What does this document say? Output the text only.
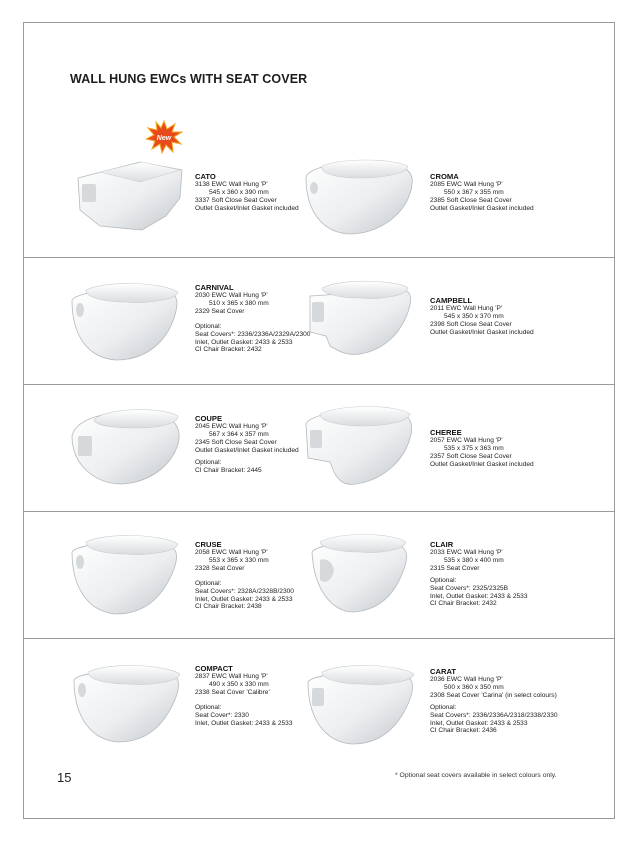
WALL HUNG EWCs WITH SEAT COVER
New
CATO
3138 EWC Wall Hung 'P'
545 x 360 x 390 mm
3337 Soft Close Seat Cover
Outlet Gasket/Inlet Gasket included
CROMA
2085 EWC Wall Hung 'P'
550 x 367 x 355 mm
2385 Soft Close Seat Cover
Outlet Gasket/Inlet Gasket included
CARNIVAL
2030 EWC Wall Hung 'P'
510 x 365 x 380 mm
2329 Seat Cover
Optional:
Seat Covers*: 2336/2336A/2329A/2300
Inlet, Outlet Gasket: 2433 & 2533
CI Chair Bracket: 2432
CAMPBELL
2011 EWC Wall Hung 'P'
545 x 350 x 370 mm
2398 Soft Close Seat Cover
Outlet Gasket/Inlet Gasket included
COUPE
2045 EWC Wall Hung 'P'
567 x 364 x 357 mm
2345 Soft Close Seat Cover
Outlet Gasket/Inlet Gasket included
Optional:
CI Chair Bracket: 2445
CHEREE
2057 EWC Wall Hung 'P'
535 x 375 x 363 mm
2357 Soft Close Seat Cover
Outlet Gasket/Inlet Gasket included
CRUSE
2058 EWC Wall Hung 'P'
553 x 365 x 330 mm
2328 Seat Cover
Optional:
Seat Covers*: 2328A/2328B/2300
Inlet, Outlet Gasket: 2433 & 2533
CI Chair Bracket: 2438
CLAIR
2033 EWC Wall Hung 'P'
535 x 380 x 400 mm
2315 Seat Cover
Optional:
Seat Covers*: 2325/2325B
Inlet, Outlet Gasket: 2433 & 2533
CI Chair Bracket: 2432
COMPACT
2837 EWC Wall Hung 'P'
490 x 350 x 330 mm
2338 Seat Cover 'Calibre'
Optional:
Seat Cover*: 2330
Inlet, Outlet Gasket: 2433 & 2533
CARAT
2036 EWC Wall Hung 'P'
500 x 360 x 350 mm
2308 Seat Cover 'Carina' (in select colours)
Optional:
Seat Covers*: 2336/2336A/2318/2338/2330
Inlet, Outlet Gasket: 2433 & 2533
CI Chair Bracket: 2436
15	* Optional seat covers available in select colours only.
